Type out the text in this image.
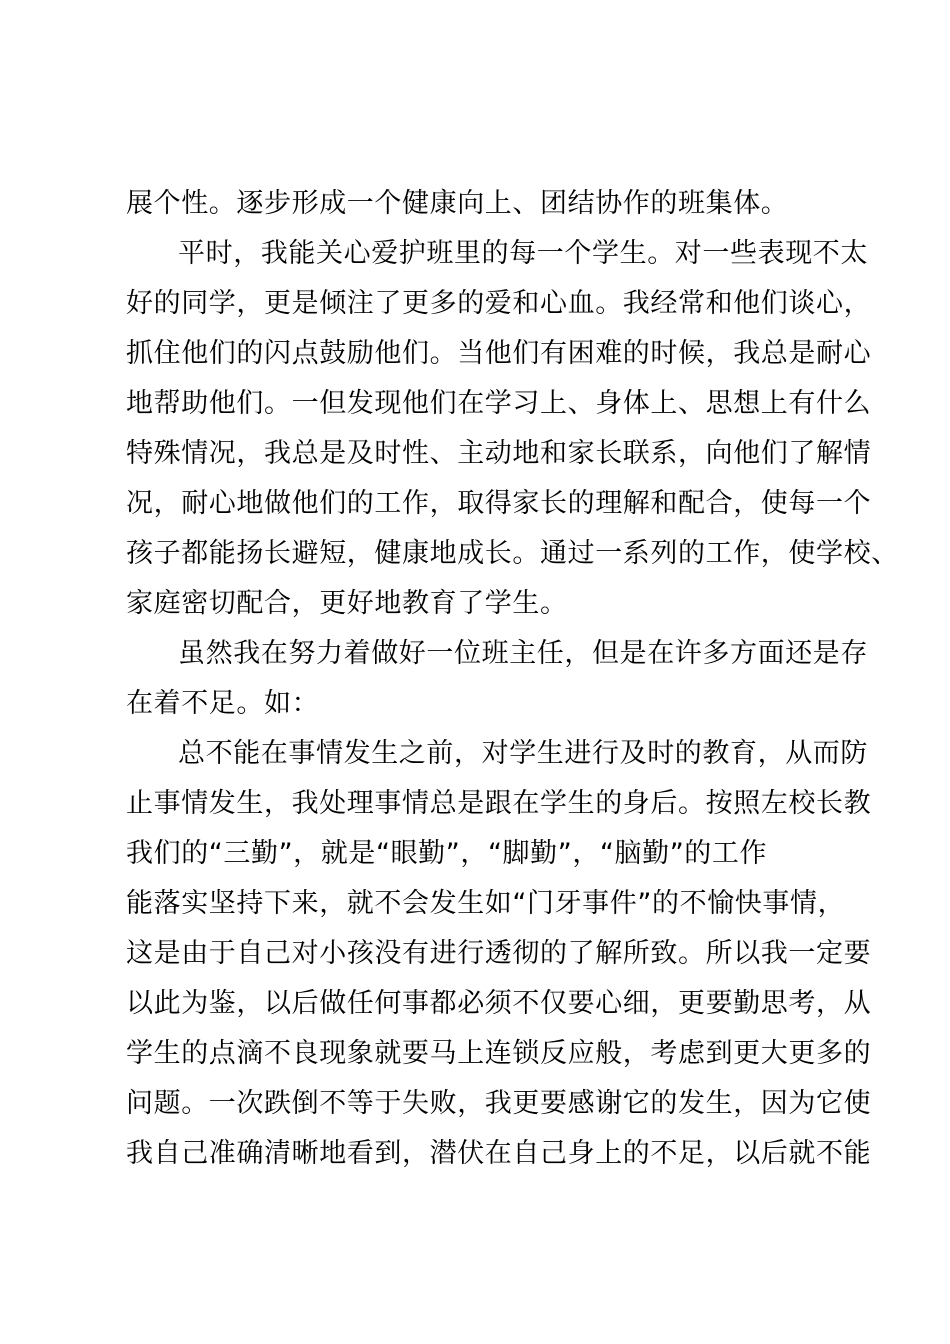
展个性。逐步形成一个健康向上、团结协作的班集体。
平时，我能关心爱护班里的每一个学生。对一些表现不太
好的同学，更是倾注了更多的爱和心血。我经常和他们谈心，
抓住他们的闪点鼓励他们。当他们有困难的时候，我总是耐心
地帮助他们。一但发现他们在学习上、身体上、思想上有什么
特殊情况，我总是及时性、主动地和家长联系，向他们了解情
况，耐心地做他们的工作，取得家长的理解和配合，使每一个
孩子都能扬长避短，健康地成长。通过一系列的工作，使学校、
家庭密切配合，更好地教育了学生。
虽然我在努力着做好一位班主任，但是在许多方面还是存
在着不足。如：
总不能在事情发生之前，对学生进行及时的教育，从而防
止事情发生，我处理事情总是跟在学生的身后。按照左校长教
我们的“三勤”，就是“眼勤”，“脚勤”，“脑勤”的工作
能落实坚持下来，就不会发生如“门牙事件”的不愉快事情，
这是由于自己对小孩没有进行透彻的了解所致。所以我一定要
以此为鉴，以后做任何事都必须不仅要心细，更要勤思考，从
学生的点滴不良现象就要马上连锁反应般，考虑到更大更多的
问题。一次跌倒不等于失败，我更要感谢它的发生，因为它使
我自己准确清晰地看到，潜伏在自己身上的不足，以后就不能
